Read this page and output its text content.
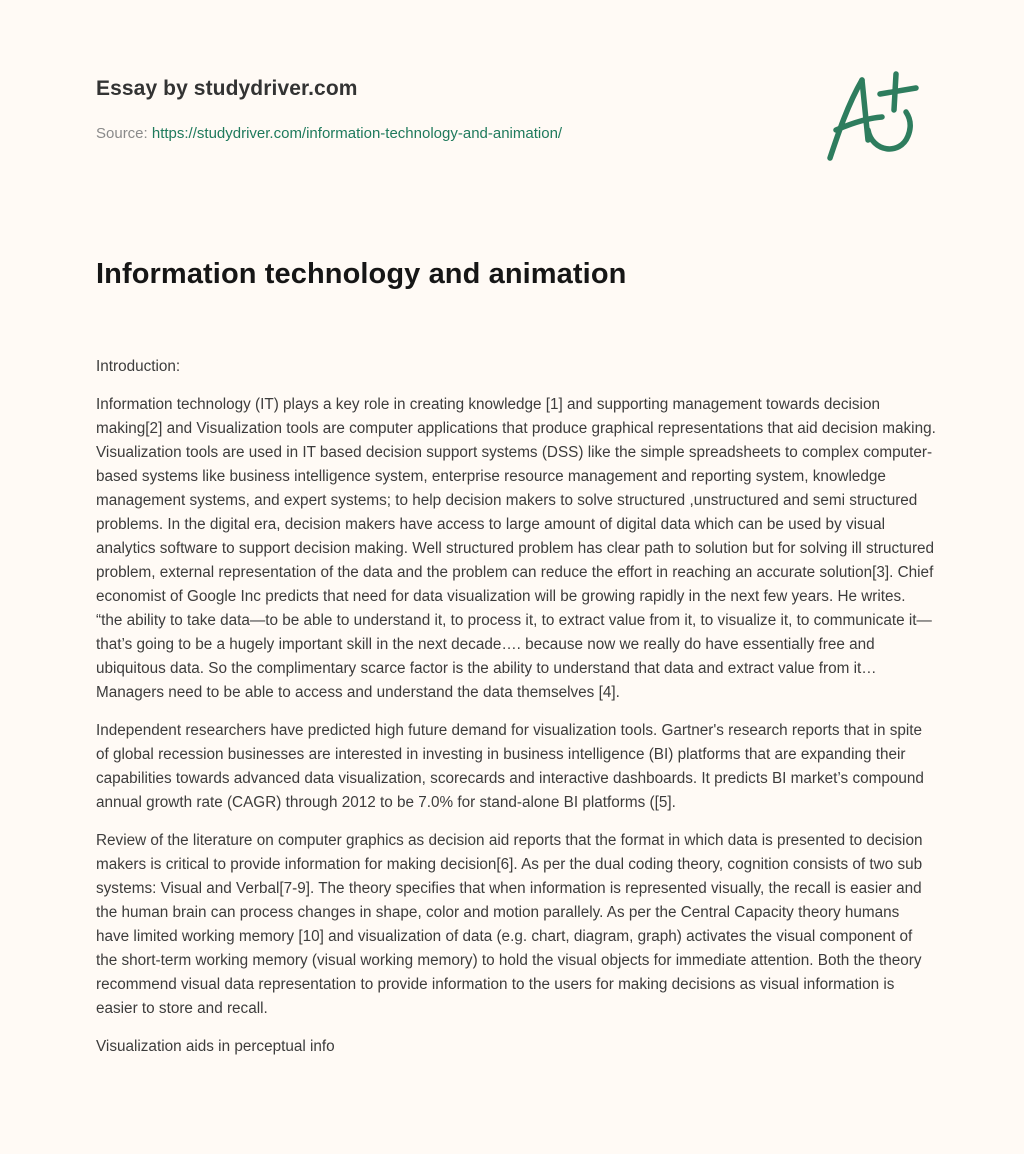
Essay by studydriver.com
Source: https://studydriver.com/information-technology-and-animation/
Information technology and animation

Introduction:

Information technology (IT) plays a key role in creating knowledge [1] and supporting management towards decision making[2] and Visualization tools are computer applications that produce graphical representations that aid decision making. Visualization tools are used in IT based decision support systems (DSS) like the simple spreadsheets to complex computer-based systems like business intelligence system, enterprise resource management and reporting system, knowledge management systems, and expert systems; to help decision makers to solve structured ,unstructured and semi structured problems. In the digital era, decision makers have access to large amount of digital data which can be used by visual analytics software to support decision making. Well structured problem has clear path to solution but for solving ill structured problem, external representation of the data and the problem can reduce the effort in reaching an accurate solution[3]. Chief economist of Google Inc predicts that need for data visualization will be growing rapidly in the next few years. He writes. “the ability to take data—to be able to understand it, to process it, to extract value from it, to visualize it, to communicate it—that’s going to be a hugely important skill in the next decade…. because now we really do have essentially free and ubiquitous data. So the complimentary scarce factor is the ability to understand that data and extract value from it… Managers need to be able to access and understand the data themselves [4].

Independent researchers have predicted high future demand for visualization tools. Gartner's research reports that in spite of global recession businesses are interested in investing in business intelligence (BI) platforms that are expanding their capabilities towards advanced data visualization, scorecards and interactive dashboards. It predicts BI market’s compound annual growth rate (CAGR) through 2012 to be 7.0% for stand-alone BI platforms ([5].

Review of the literature on computer graphics as decision aid reports that the format in which data is presented to decision makers is critical to provide information for making decision[6]. As per the dual coding theory, cognition consists of two sub systems: Visual and Verbal[7-9]. The theory specifies that when information is represented visually, the recall is easier and the human brain can process changes in shape, color and motion parallely. As per the Central Capacity theory humans have limited working memory [10] and visualization of data (e.g. chart, diagram, graph) activates the visual component of the short-term working memory (visual working memory) to hold the visual objects for immediate attention. Both the theory recommend visual data representation to provide information to the users for making decisions as visual information is easier to store and recall.

Visualization aids in perceptual info
